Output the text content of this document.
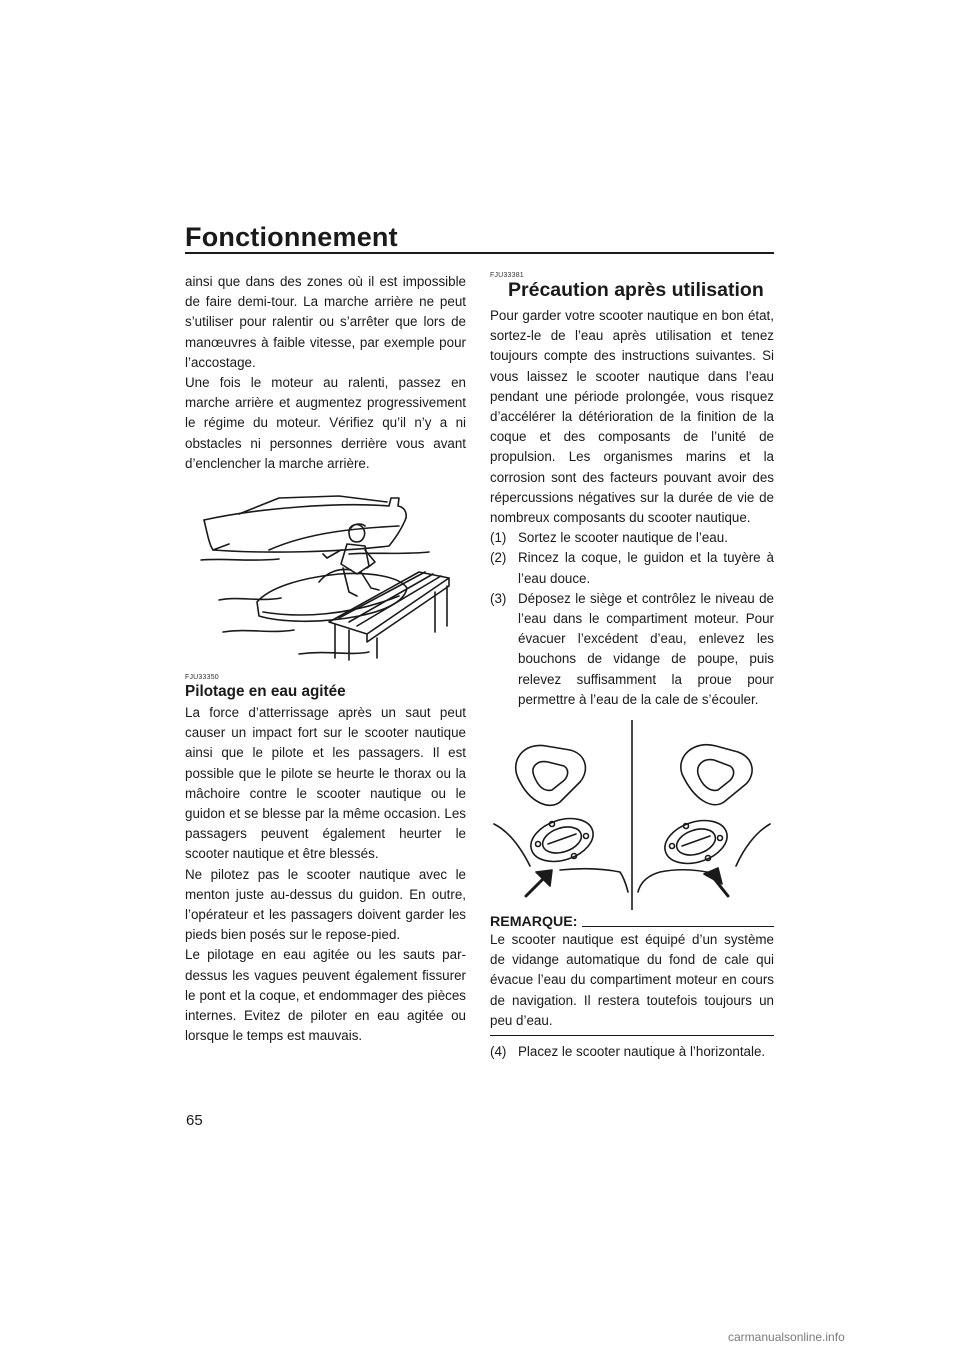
Fonctionnement

ainsi que dans des zones où il est impossible de faire demi-tour. La marche arrière ne peut s’utiliser pour ralentir ou s’arrêter que lors de manœuvres à faible vitesse, par exemple pour l’accostage.

Une fois le moteur au ralenti, passez en marche arrière et augmentez progressivement le régime du moteur. Vérifiez qu’il n’y a ni obstacles ni personnes derrière vous avant d’enclencher la marche arrière.

FJU33350
Pilotage en eau agitée

La force d’atterrissage après un saut peut causer un impact fort sur le scooter nautique ainsi que le pilote et les passagers. Il est possible que le pilote se heurte le thorax ou la mâchoire contre le scooter nautique ou le guidon et se blesse par la même occasion. Les passagers peuvent également heurter le scooter nautique et être blessés.

Ne pilotez pas le scooter nautique avec le menton juste au-dessus du guidon. En outre, l’opérateur et les passagers doivent garder les pieds bien posés sur le repose-pied.

Le pilotage en eau agitée ou les sauts par-dessus les vagues peuvent également fissurer le pont et la coque, et endommager des pièces internes. Evitez de piloter en eau agitée ou lorsque le temps est mauvais.

65
FJU33381
Précaution après utilisation

Pour garder votre scooter nautique en bon état, sortez-le de l’eau après utilisation et tenez toujours compte des instructions suivantes. Si vous laissez le scooter nautique dans l’eau pendant une période prolongée, vous risquez d’accélérer la détérioration de la finition de la coque et des composants de l’unité de propulsion. Les organismes marins et la corrosion sont des facteurs pouvant avoir des répercussions négatives sur la durée de vie de nombreux composants du scooter nautique.

(1) Sortez le scooter nautique de l’eau.
(2) Rincez la coque, le guidon et la tuyère à l’eau douce.
(3) Déposez le siège et contrôlez le niveau de l’eau dans le compartiment moteur. Pour évacuer l’excédent d’eau, enlevez les bouchons de vidange de poupe, puis relevez suffisamment la proue pour permettre à l’eau de la cale de s’écouler.
REMARQUE:

Le scooter nautique est équipé d’un système de vidange automatique du fond de cale qui évacue l’eau du compartiment moteur en cours de navigation. Il restera toutefois toujours un peu d’eau.

(4) Placez le scooter nautique à l’horizontale.
carmanualsonline.info
